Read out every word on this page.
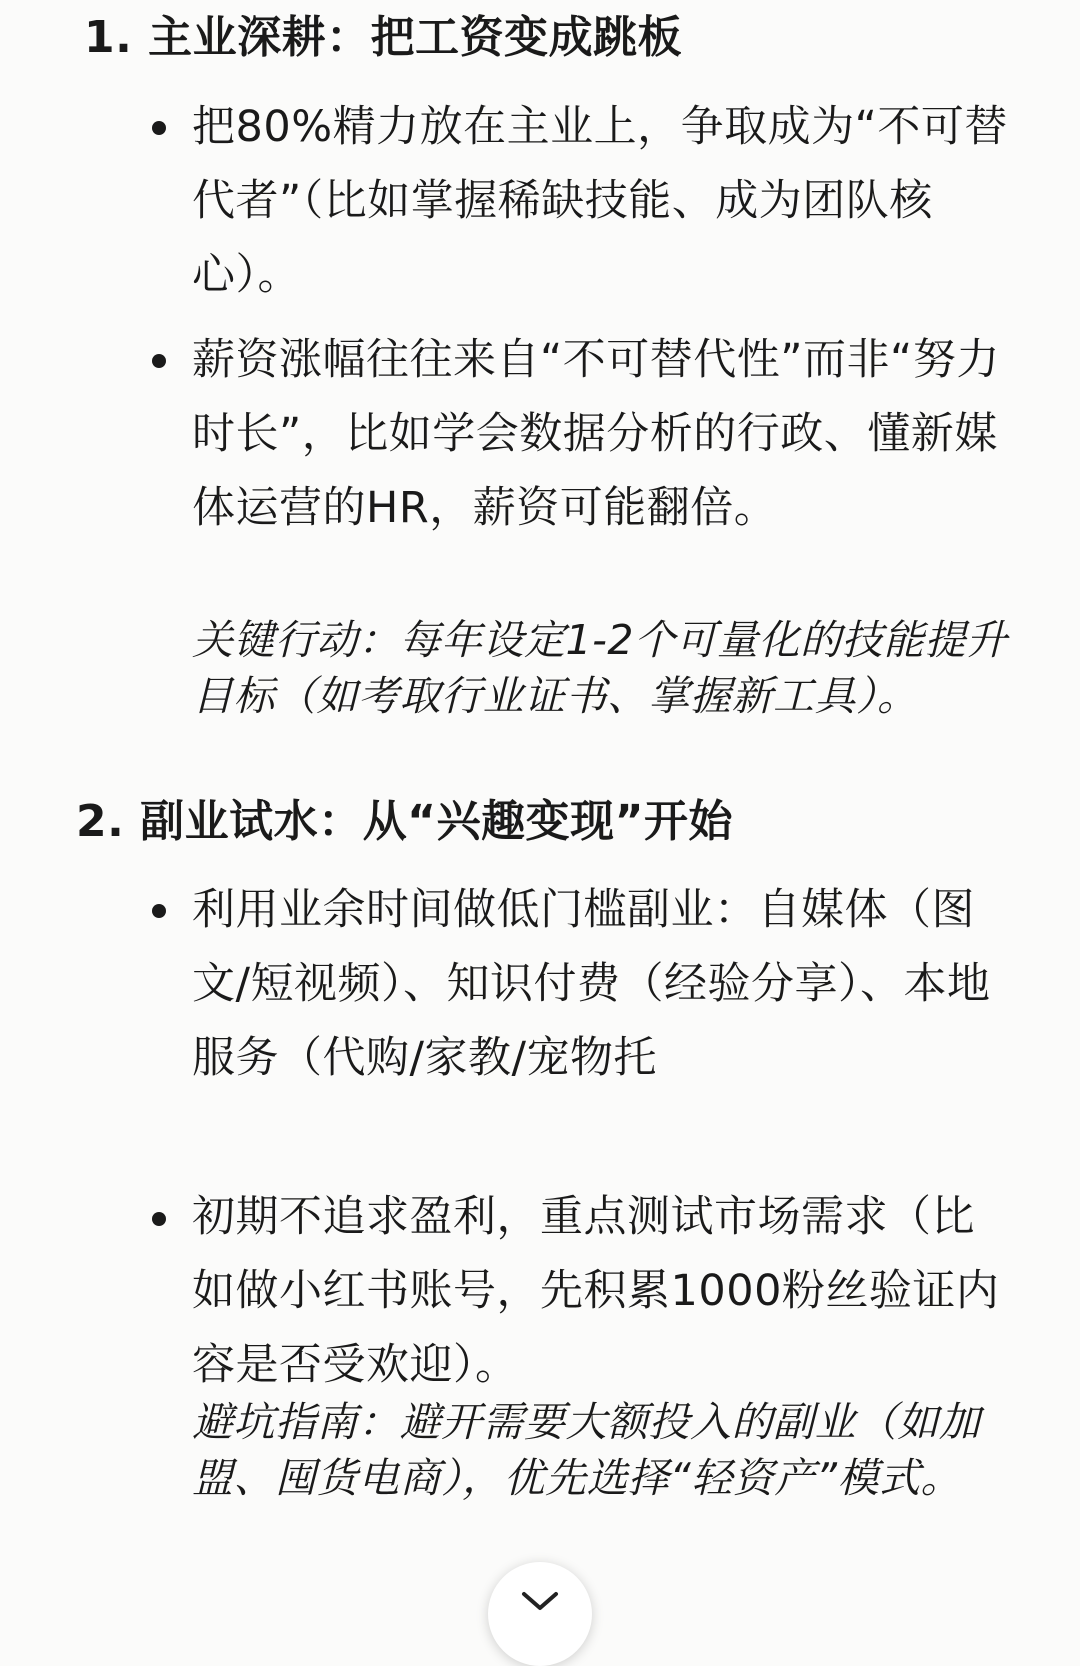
1. 主业深耕：把工资变成跳板

把80%精力放在主业上，争取成为“不可替代者”（比如掌握稀缺技能、成为团队核心）。

薪资涨幅往往来自“不可替代性”而非“努力时长”，比如学会数据分析的行政、懂新媒体运营的HR，薪资可能翻倍。

关键行动：每年设定1-2个可量化的技能提升目标（如考取行业证书、掌握新工具）。

2. 副业试水：从“兴趣变现”开始

利用业余时间做低门槛副业：自媒体（图文/短视频）、知识付费（经验分享）、本地服务（代购/家教/宠物托

初期不追求盈利，重点测试市场需求（比如做小红书账号，先积累1000粉丝验证内容是否受欢迎）。

避坑指南：避开需要大额投入的副业（如加盟、囤货电商），优先选择“轻资产”模式。
